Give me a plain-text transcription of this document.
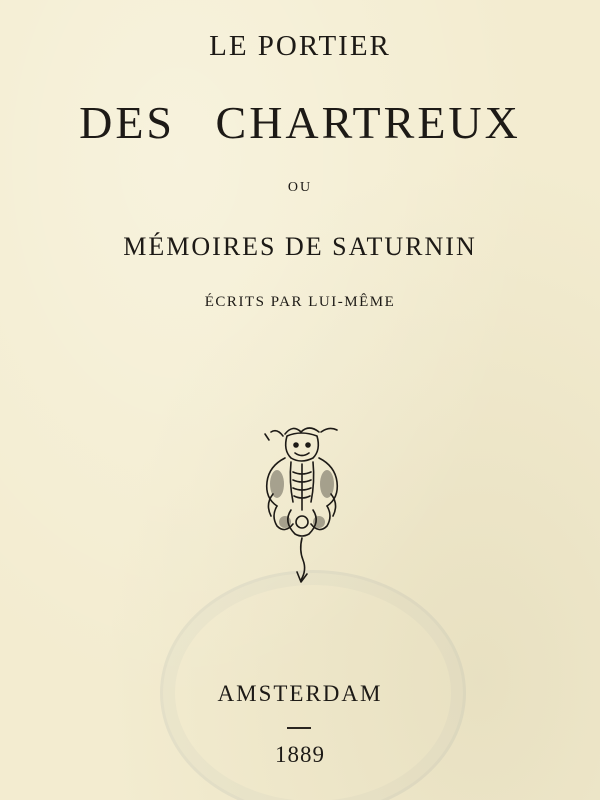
LE PORTIER
DES CHARTREUX
OU
MÉMOIRES DE SATURNIN
ÉCRITS PAR LUI-MÊME
AMSTERDAM
1889
